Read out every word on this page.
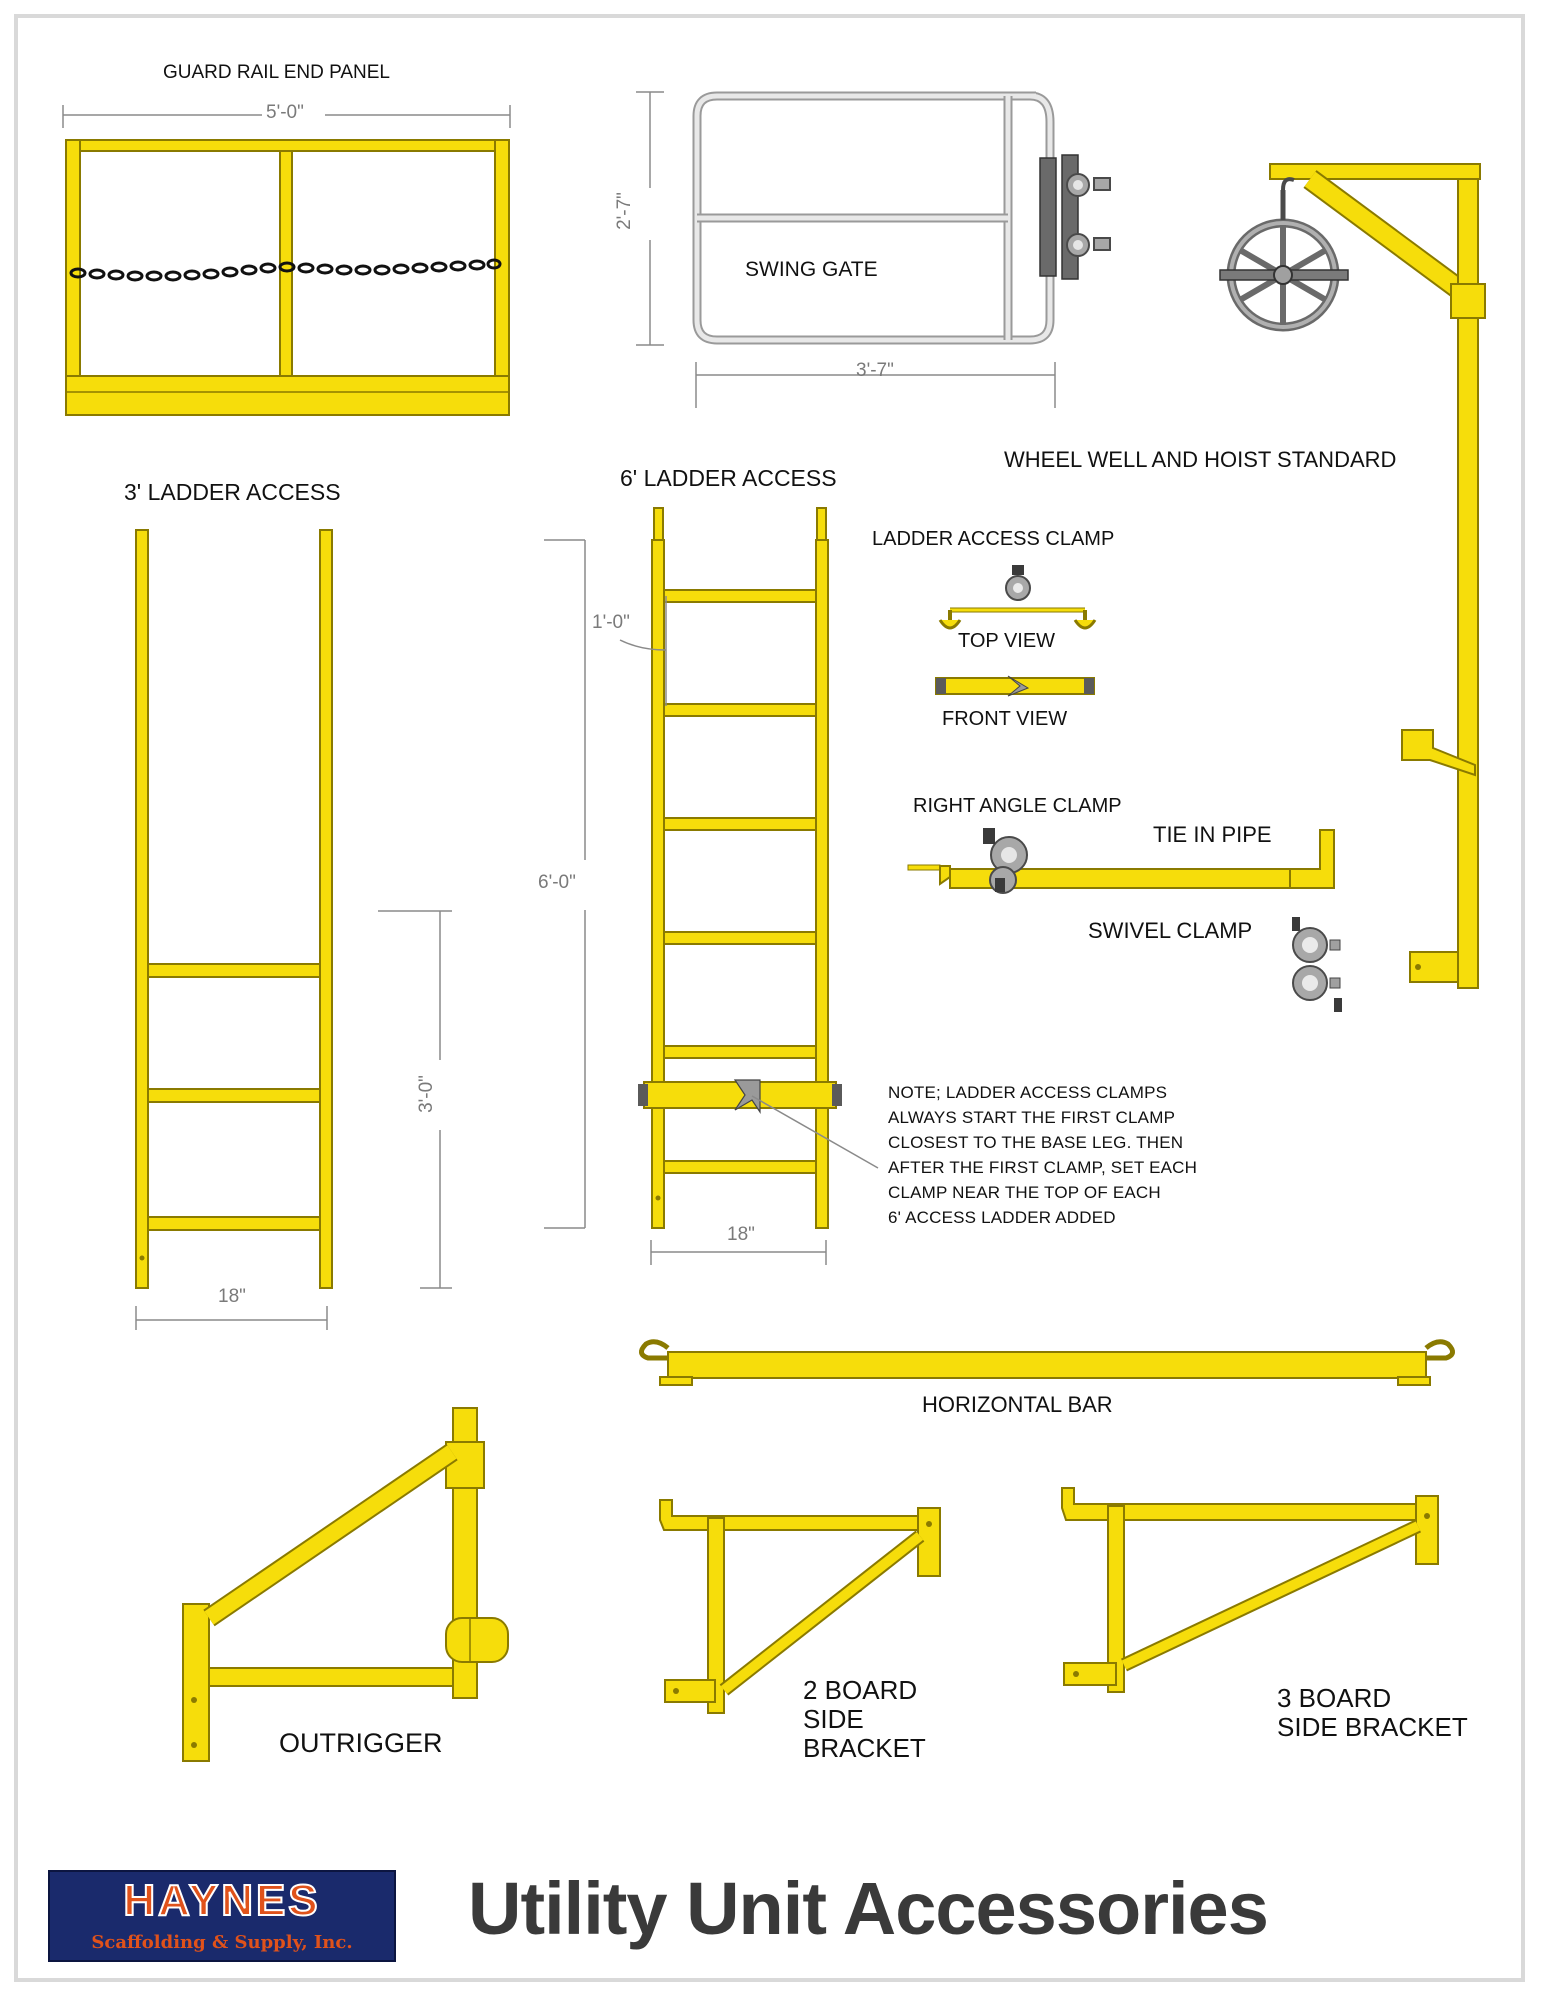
GUARD RAIL END PANEL
5'-0"
2'-7"
SWING GATE
3'-7"
WHEEL WELL AND HOIST STANDARD
3' LADDER ACCESS
6' LADDER ACCESS
LADDER ACCESS CLAMP
TOP VIEW
FRONT VIEW
1'-0"
6'-0"
3'-0"
18"
18"
RIGHT ANGLE CLAMP
TIE IN PIPE
SWIVEL CLAMP
NOTE; LADDER ACCESS CLAMPS
ALWAYS START THE FIRST CLAMP
CLOSEST TO THE BASE LEG. THEN
AFTER THE FIRST CLAMP, SET EACH
CLAMP NEAR THE TOP OF EACH
6' ACCESS LADDER ADDED
HORIZONTAL BAR
OUTRIGGER
2 BOARD
SIDE
BRACKET
3 BOARD
SIDE BRACKET
HAYNES
Scaffolding & Supply, Inc.	Utility Unit Accessories
